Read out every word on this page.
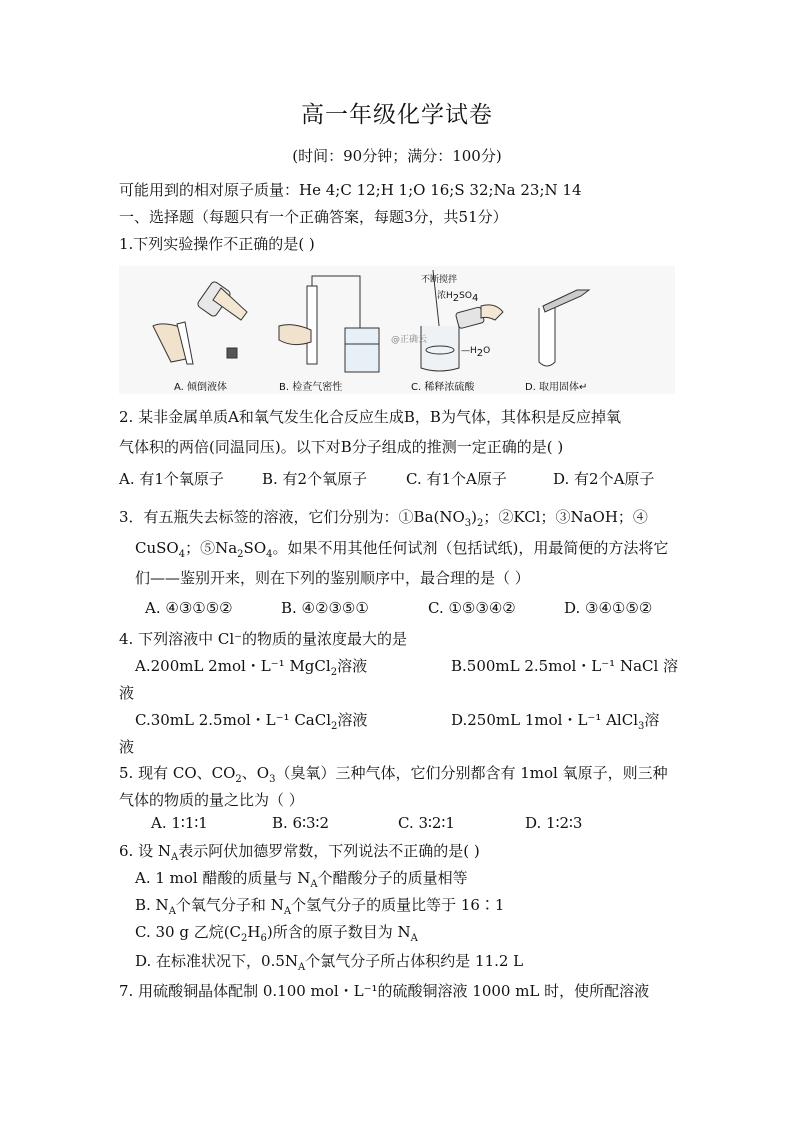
高一年级化学试卷
(时间：90分钟；满分：100分)
可能用到的相对原子质量：He 4;C 12;H 1;O 16;S 32;Na 23;N 14
一、选择题（每题只有一个正确答案，每题3分，共51分）
1.下列实验操作不正确的是( )
不断搅拌
浓$H_2SO_4$
$—H_2O$
@正确云
A. 倾倒液体	B. 检查气密性	C. 稀释浓硫酸	D. 取用固体↵
2. 某非金属单质A和氧气发生化合反应生成B，B为气体，其体积是反应掉氧
气体积的两倍(同温同压)。以下对B分子组成的推测一定正确的是( )
A. 有1个氧原子	B. 有2个氧原子	C. 有1个A原子	D. 有2个A原子
3．有五瓶失去标签的溶液，它们分别为：$①Ba(NO_3)_2$；②KCl；③NaOH；④
CuSO$_4$；$⑤Na_2SO_4$。如果不用其他任何试剂（包括试纸)，用最简便的方法将它
们——鉴别开来，则在下列的鉴别顺序中，最合理的是（ ）
A. ④③①⑤②	B. ④②③⑤①	C. ①⑤③④②	D. ③④①⑤②
4. 下列溶液中 Cl⁻的物质的量浓度最大的是
A.200mL 2mol・L⁻¹ MgCl$_2$溶液	B.500mL 2.5mol・L⁻¹ NaCl 溶
液
C.30mL 2.5mol・L⁻¹ CaCl$_2$溶液	D.250mL 1mol・L⁻¹ AlCl$_3$溶
液
5. 现有 CO、$CO_2$、$O_3$（臭氧）三种气体，它们分别都含有 1mol 氧原子，则三种
气体的物质的量之比为（ ）
A. 1∶1∶1	B. 6∶3∶2	C. 3∶2∶1	D. 1∶2∶3
6. 设 $N_A$表示阿伏加德罗常数，下列说法不正确的是( )
A. 1 mol 醋酸的质量与 $N_A$个醋酸分子的质量相等
B. $N_A$个氧气分子和 $N_A$个氢气分子的质量比等于 16∶1
C. 30 g 乙烷$(C_2H_6)$所含的原子数目为 $N_A$
D. 在标准状况下，$0.5N_A$个氯气分子所占体积约是 11.2 L
7. 用硫酸铜晶体配制 0.100 mol・L⁻¹的硫酸铜溶液 1000 mL 时，使所配溶液
